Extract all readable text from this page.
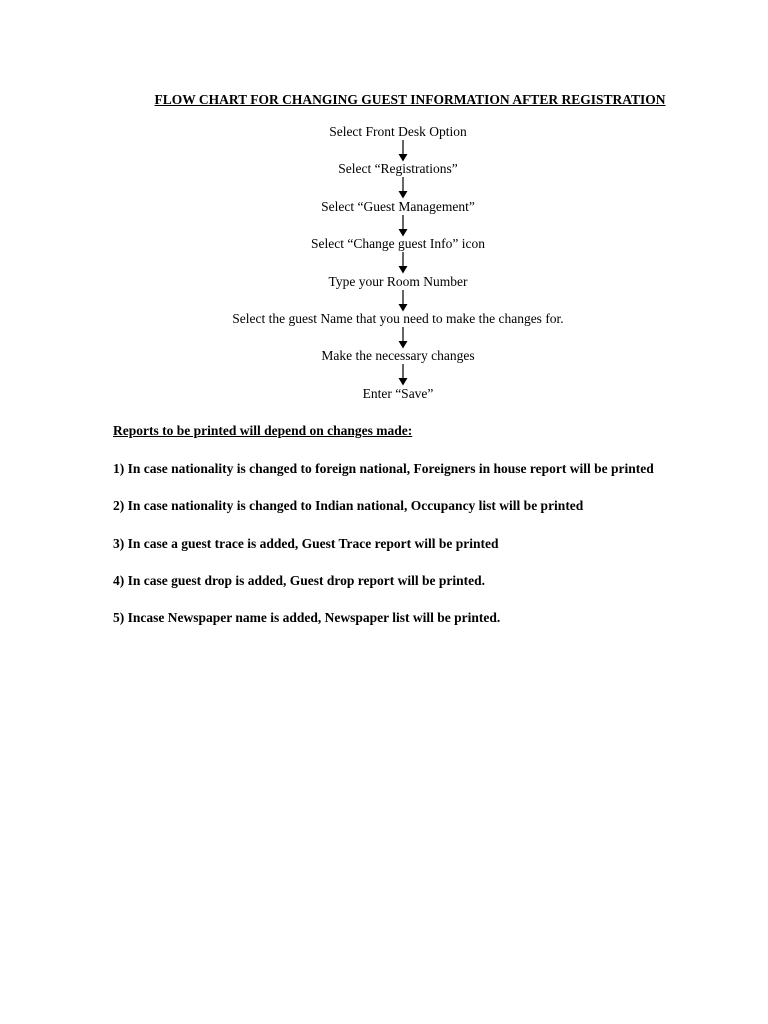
FLOW CHART FOR CHANGING GUEST INFORMATION AFTER REGISTRATION
Select Front Desk Option
Select “Registrations”
Select “Guest Management”
Select “Change guest Info” icon
Type your Room Number
Select the guest Name that you need to make the changes for.
Make the necessary changes
Enter “Save”
Reports to be printed will depend on changes made:
1) In case nationality is changed to foreign national, Foreigners in house report will be printed
2) In case nationality is changed to Indian national, Occupancy list will be printed
3) In case a guest trace is added, Guest Trace report will be printed
4) In case guest drop is added, Guest drop report will be printed.
5) Incase Newspaper name is added, Newspaper list will be printed.
